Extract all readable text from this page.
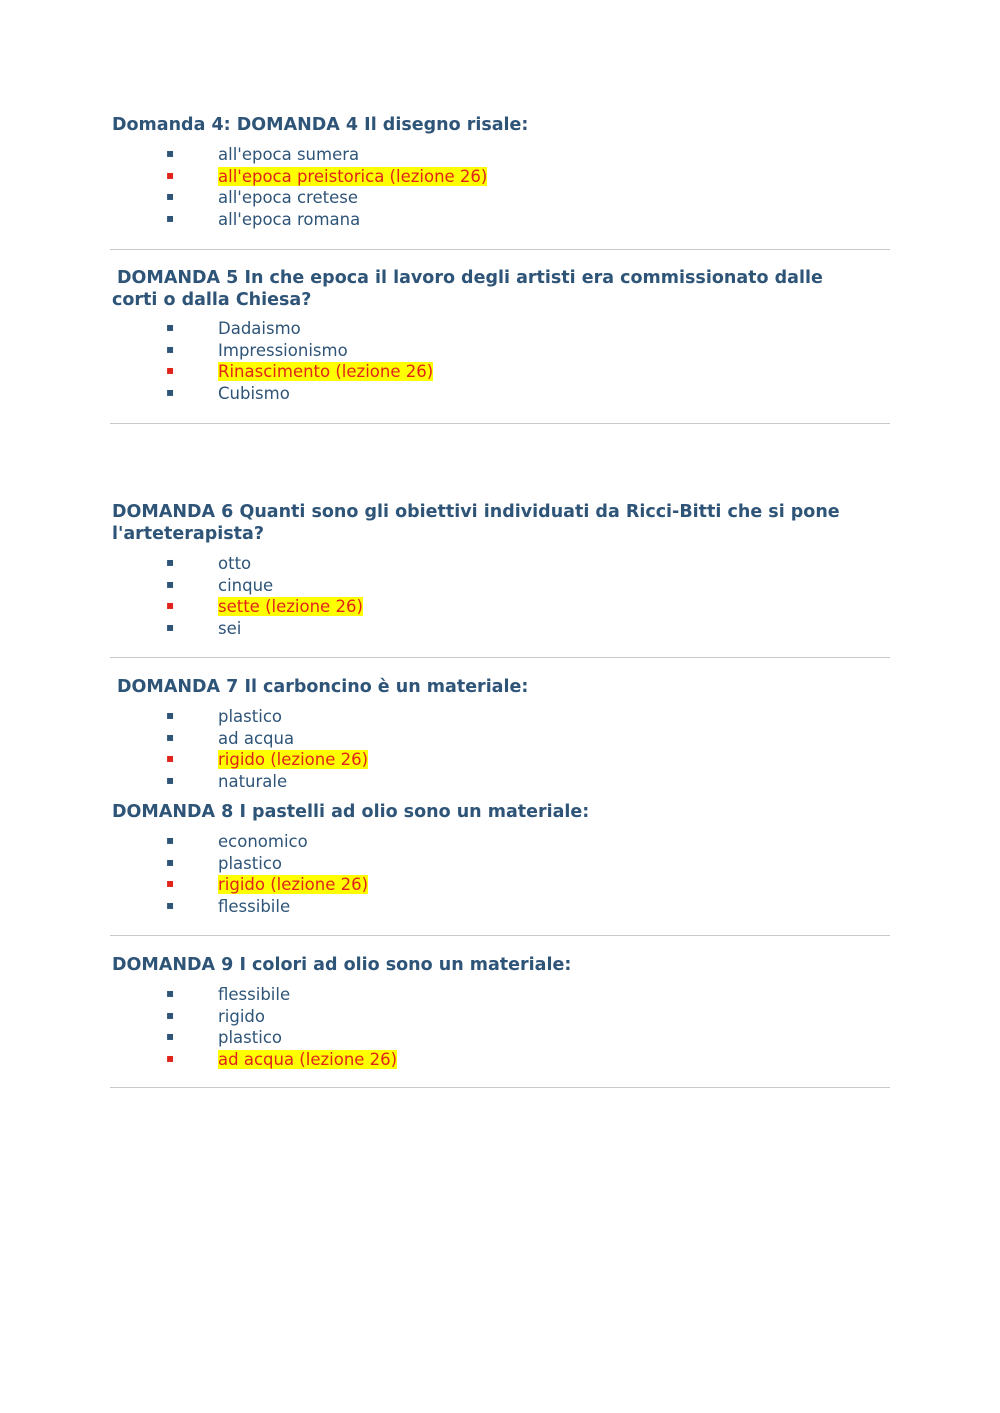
Domanda 4: DOMANDA 4 Il disegno risale:
▪	all'epoca sumera
▪	all'epoca preistorica (lezione 26)
▪	all'epoca cretese
▪	all'epoca romana
DOMANDA 5 In che epoca il lavoro degli artisti era commissionato dalle corti o dalla Chiesa?
▪	Dadaismo
▪	Impressionismo
▪	Rinascimento (lezione 26)
▪	Cubismo
DOMANDA 6 Quanti sono gli obiettivi individuati da Ricci-Bitti che si pone l'arteterapista?
▪	otto
▪	cinque
▪	sette (lezione 26)
▪	sei
DOMANDA 7 Il carboncino è un materiale:
▪	plastico
▪	ad acqua
▪	rigido (lezione 26)
▪	naturale
DOMANDA 8 I pastelli ad olio sono un materiale:
▪	economico
▪	plastico
▪	rigido (lezione 26)
▪	flessibile
DOMANDA 9 I colori ad olio sono un materiale:
▪	flessibile
▪	rigido
▪	plastico
▪	ad acqua (lezione 26)
